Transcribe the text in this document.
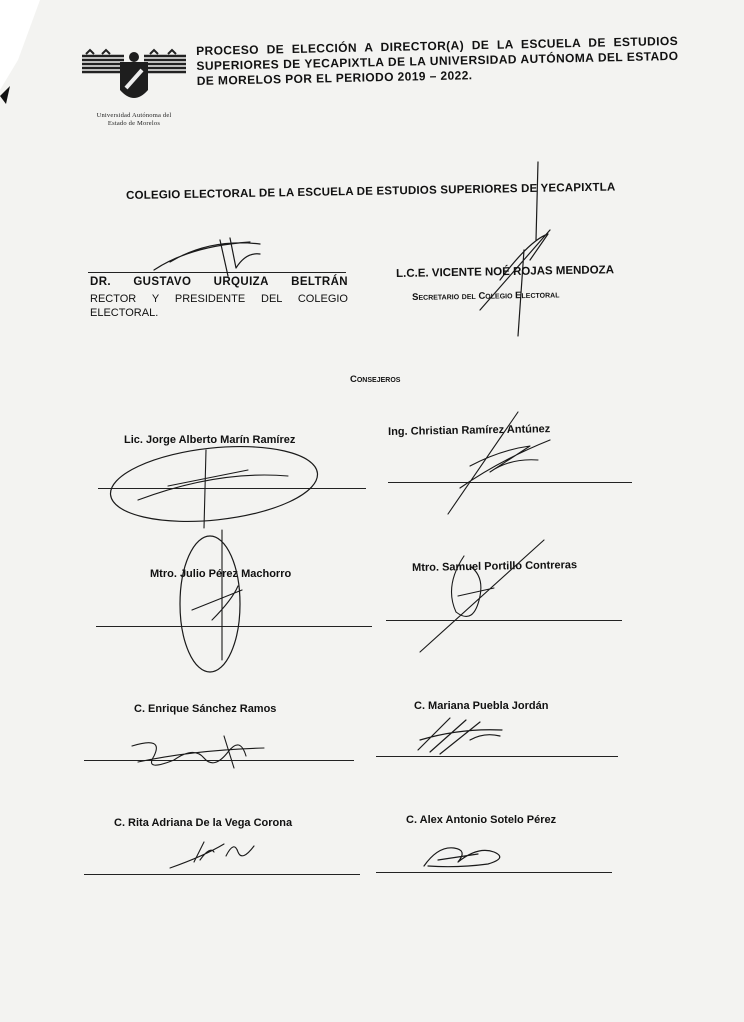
Universidad Autónoma del
Estado de Morelos
PROCESO DE ELECCIÓN A DIRECTOR(A) DE LA ESCUELA DE ESTUDIOS SUPERIORES DE YECAPIXTLA DE LA UNIVERSIDAD AUTÓNOMA DEL ESTADO DE MORELOS POR EL PERIODO 2019 – 2022.
COLEGIO ELECTORAL DE LA ESCUELA DE ESTUDIOS SUPERIORES DE YECAPIXTLA
DR. GUSTAVO URQUIZA BELTRÁN
RECTOR Y PRESIDENTE DEL COLEGIO ELECTORAL.
L.C.E. VICENTE NOÉ ROJAS MENDOZA
Secretario del Colegio Electoral
Consejeros
Lic. Jorge Alberto Marín Ramírez
Ing. Christian Ramírez Antúnez
Mtro. Julio Pérez Machorro
Mtro. Samuel Portillo Contreras
C. Enrique Sánchez Ramos	C. Mariana Puebla Jordán
C. Rita Adriana De la Vega Corona	C. Alex Antonio Sotelo Pérez
